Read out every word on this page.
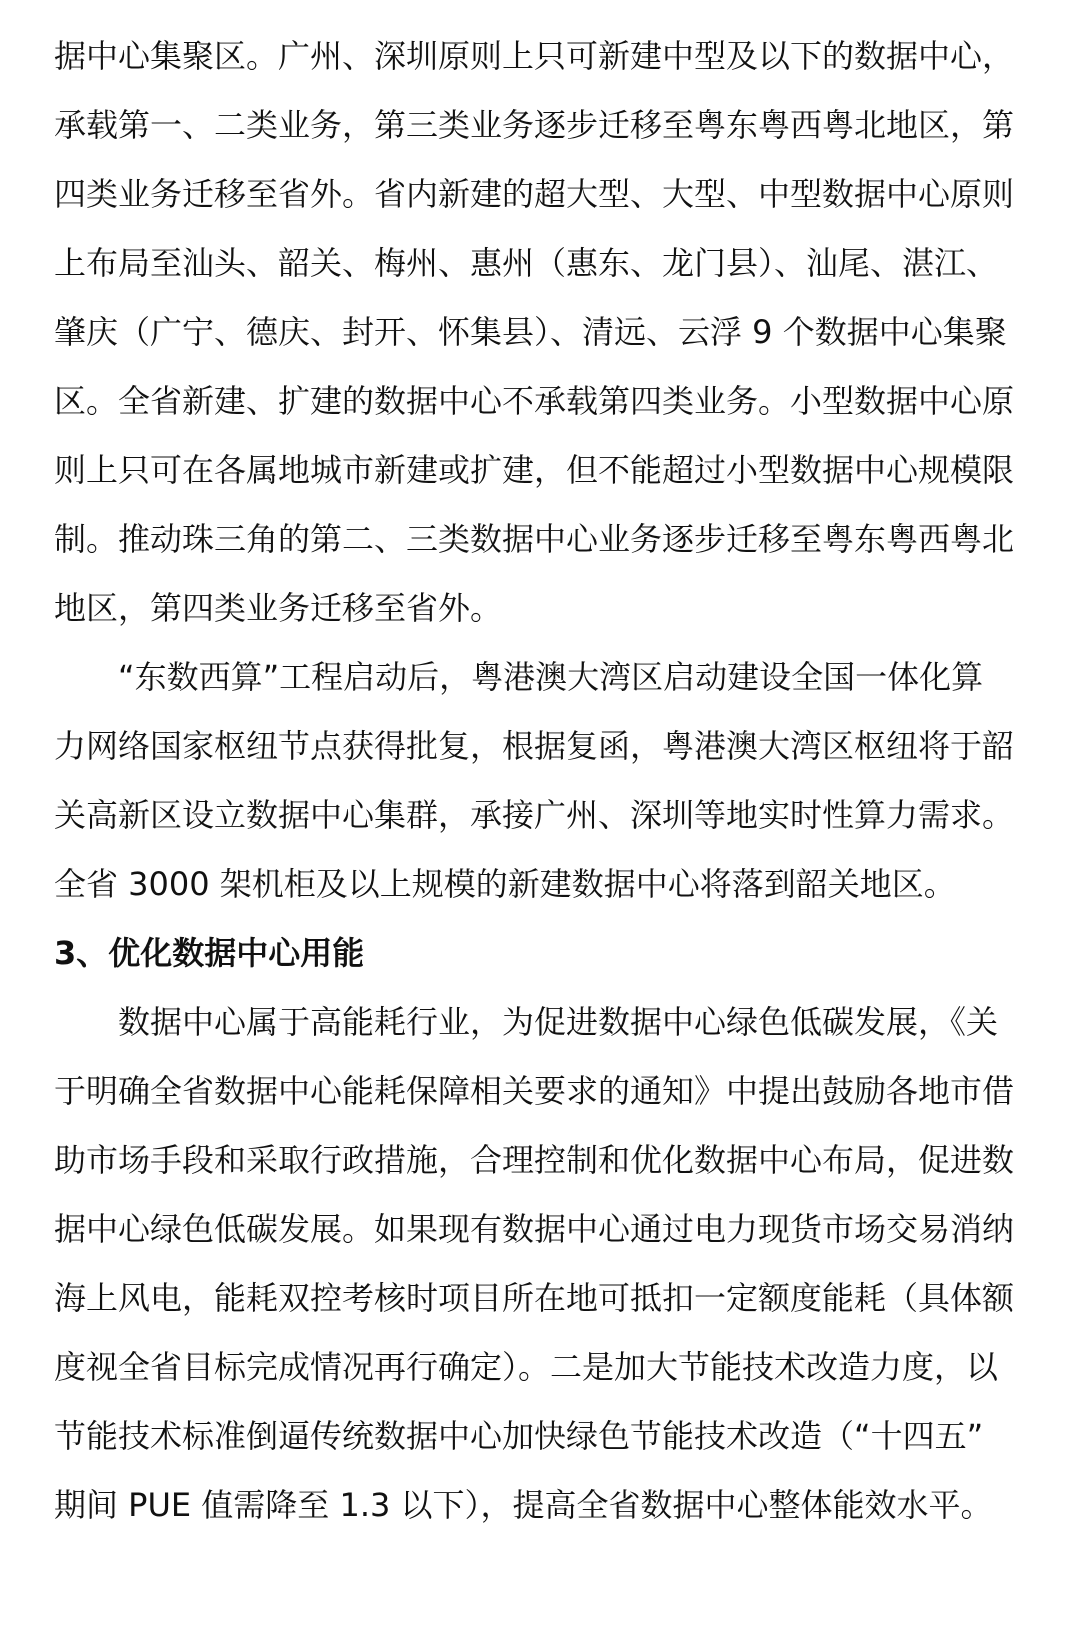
据中心集聚区。广州、深圳原则上只可新建中型及以下的数据中心，
承载第一、二类业务，第三类业务逐步迁移至粤东粤西粤北地区，第
四类业务迁移至省外。省内新建的超大型、大型、中型数据中心原则
上布局至汕头、韶关、梅州、惠州（惠东、龙门县）、汕尾、湛江、
肇庆（广宁、德庆、封开、怀集县）、清远、云浮 9 个数据中心集聚
区。全省新建、扩建的数据中心不承载第四类业务。小型数据中心原
则上只可在各属地城市新建或扩建，但不能超过小型数据中心规模限
制。推动珠三角的第二、三类数据中心业务逐步迁移至粤东粤西粤北
地区，第四类业务迁移至省外。
“东数西算”工程启动后，粤港澳大湾区启动建设全国一体化算
力网络国家枢纽节点获得批复，根据复函，粤港澳大湾区枢纽将于韶
关高新区设立数据中心集群，承接广州、深圳等地实时性算力需求。
全省 3000 架机柜及以上规模的新建数据中心将落到韶关地区。
3、优化数据中心用能
数据中心属于高能耗行业，为促进数据中心绿色低碳发展，《关
于明确全省数据中心能耗保障相关要求的通知》中提出鼓励各地市借
助市场手段和采取行政措施，合理控制和优化数据中心布局，促进数
据中心绿色低碳发展。如果现有数据中心通过电力现货市场交易消纳
海上风电，能耗双控考核时项目所在地可抵扣一定额度能耗（具体额
度视全省目标完成情况再行确定）。二是加大节能技术改造力度，以
节能技术标准倒逼传统数据中心加快绿色节能技术改造（“十四五”
期间 PUE 值需降至 1.3 以下），提高全省数据中心整体能效水平。
